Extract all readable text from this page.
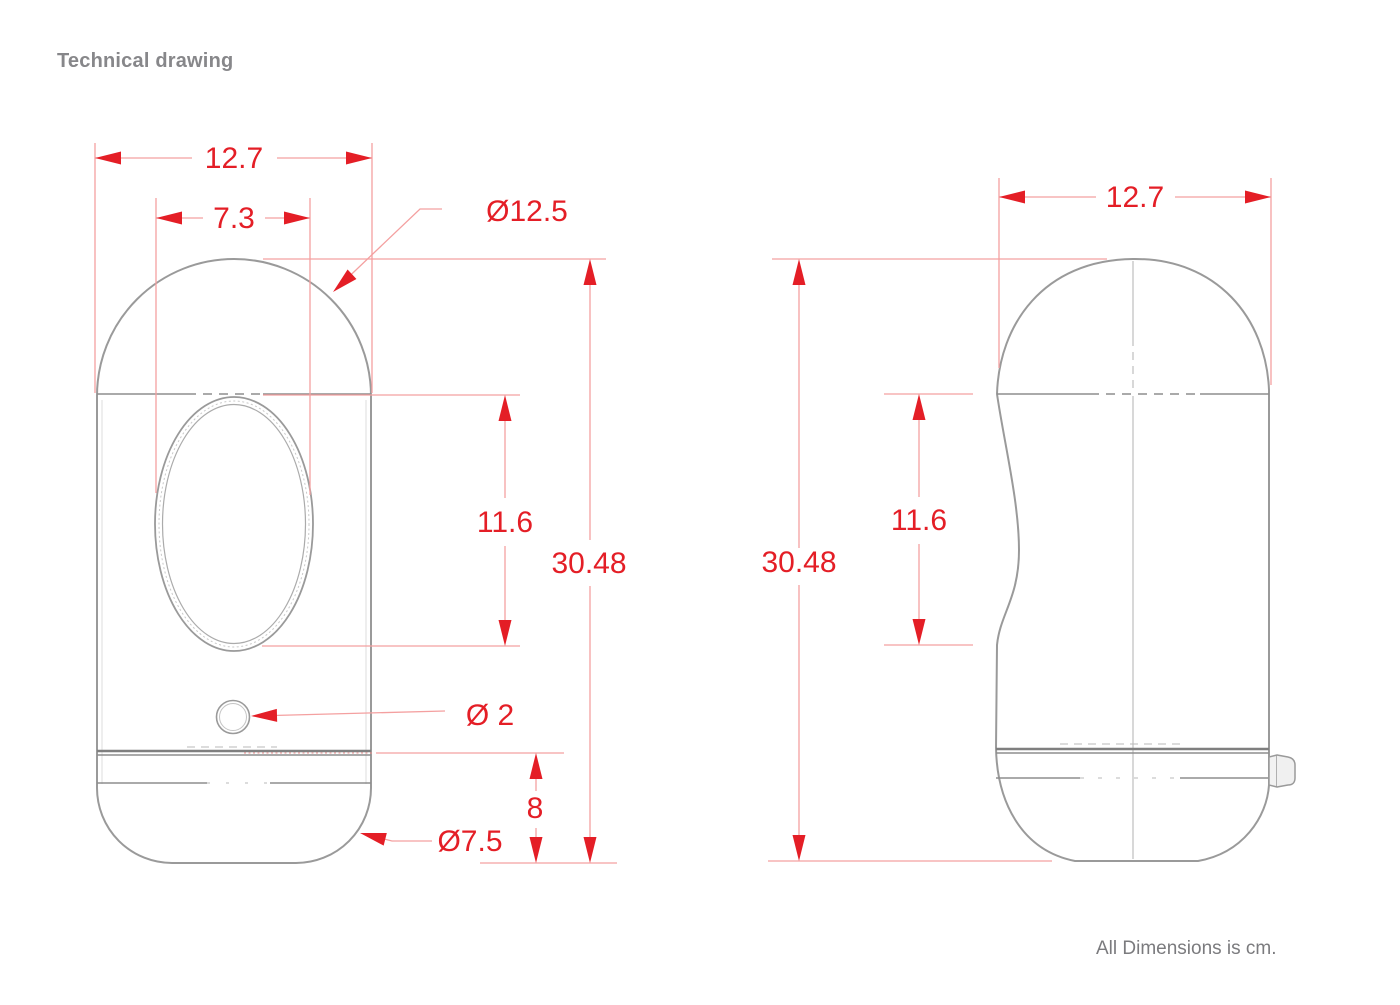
Technical drawing
12.7
7.3	Ø12.5
11.6
30.48
Ø 2
8
Ø7.5
12.7
30.48
11.6
All Dimensions is cm.
